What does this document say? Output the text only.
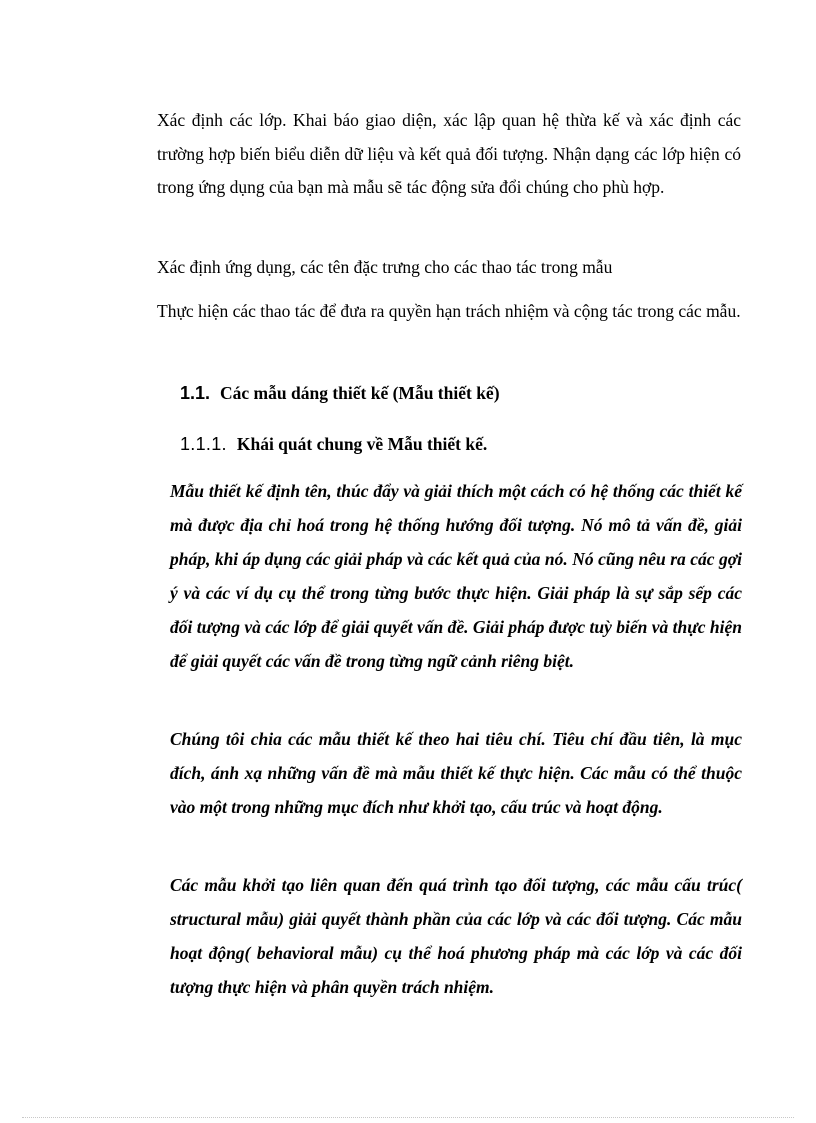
Xác định các lớp. Khai báo giao diện, xác lập quan hệ thừa kế và xác định các trường hợp biến biểu diễn dữ liệu và kết quả đối tượng. Nhận dạng các lớp hiện có trong ứng dụng của bạn mà mẫu sẽ tác động sửa đổi chúng cho phù hợp.

Xác định ứng dụng, các tên đặc trưng cho các thao tác trong mẫu

Thực hiện các thao tác để đưa ra quyền hạn trách nhiệm và cộng tác trong các mẫu.

1.1. Các mẫu dáng thiết kế (Mẫu thiết kế)
1.1.1. Khái quát chung về Mẫu thiết kế.

Mẫu thiết kế định tên, thúc đẩy và giải thích một cách có hệ thống các thiết kế mà được địa chỉ hoá trong hệ thống hướng đối tượng. Nó mô tả vấn đề, giải pháp, khi áp dụng các giải pháp và các kết quả của nó. Nó cũng nêu ra các gợi ý và các ví dụ cụ thể trong từng bước thực hiện. Giải pháp là sự sắp sếp các đối tượng và các lớp để giải quyết vấn đề. Giải pháp được tuỳ biến và thực hiện để giải quyết các vấn đề trong từng ngữ cảnh riêng biệt.

Chúng tôi chia các mẫu thiết kế theo hai tiêu chí. Tiêu chí đầu tiên, là mục đích, ánh xạ những vấn đề mà mẫu thiết kế thực hiện. Các mẫu có thể thuộc vào một trong những mục đích như khởi tạo, cấu trúc và hoạt động.

Các mẫu khởi tạo liên quan đến quá trình tạo đối tượng, các mẫu cấu trúc( structural mẫu) giải quyết thành phần của các lớp và các đối tượng. Các mẫu hoạt động( behavioral mẫu) cụ thể hoá phương pháp mà các lớp và các đối tượng thực hiện và phân quyền trách nhiệm.
